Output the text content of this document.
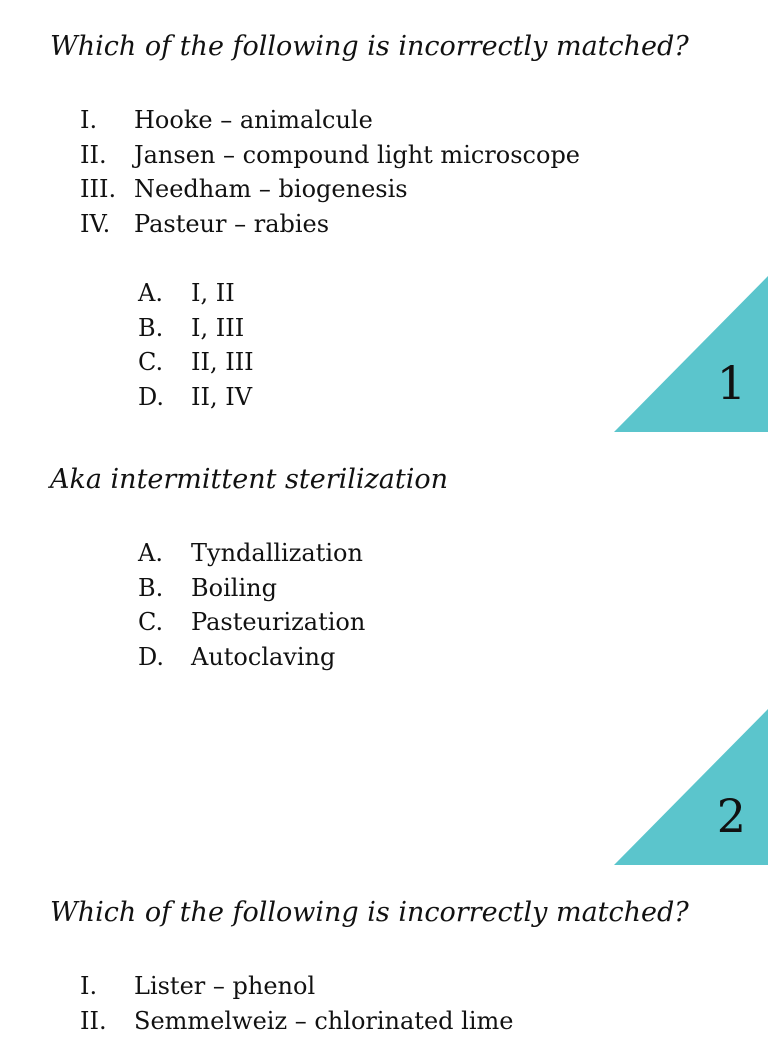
Which of the following is incorrectly matched?
I. Hooke – animalcule
II. Jansen – compound light microscope
III. Needham – biogenesis
IV. Pasteur – rabies
A. I, II
B. I, III
C. II, III
D. II, IV	1
Aka intermittent sterilization
A. Tyndallization
B. Boiling
C. Pasteurization
D. Autoclaving
2
Which of the following is incorrectly matched?
I. Lister – phenol
II. Semmelweiz – chlorinated lime
